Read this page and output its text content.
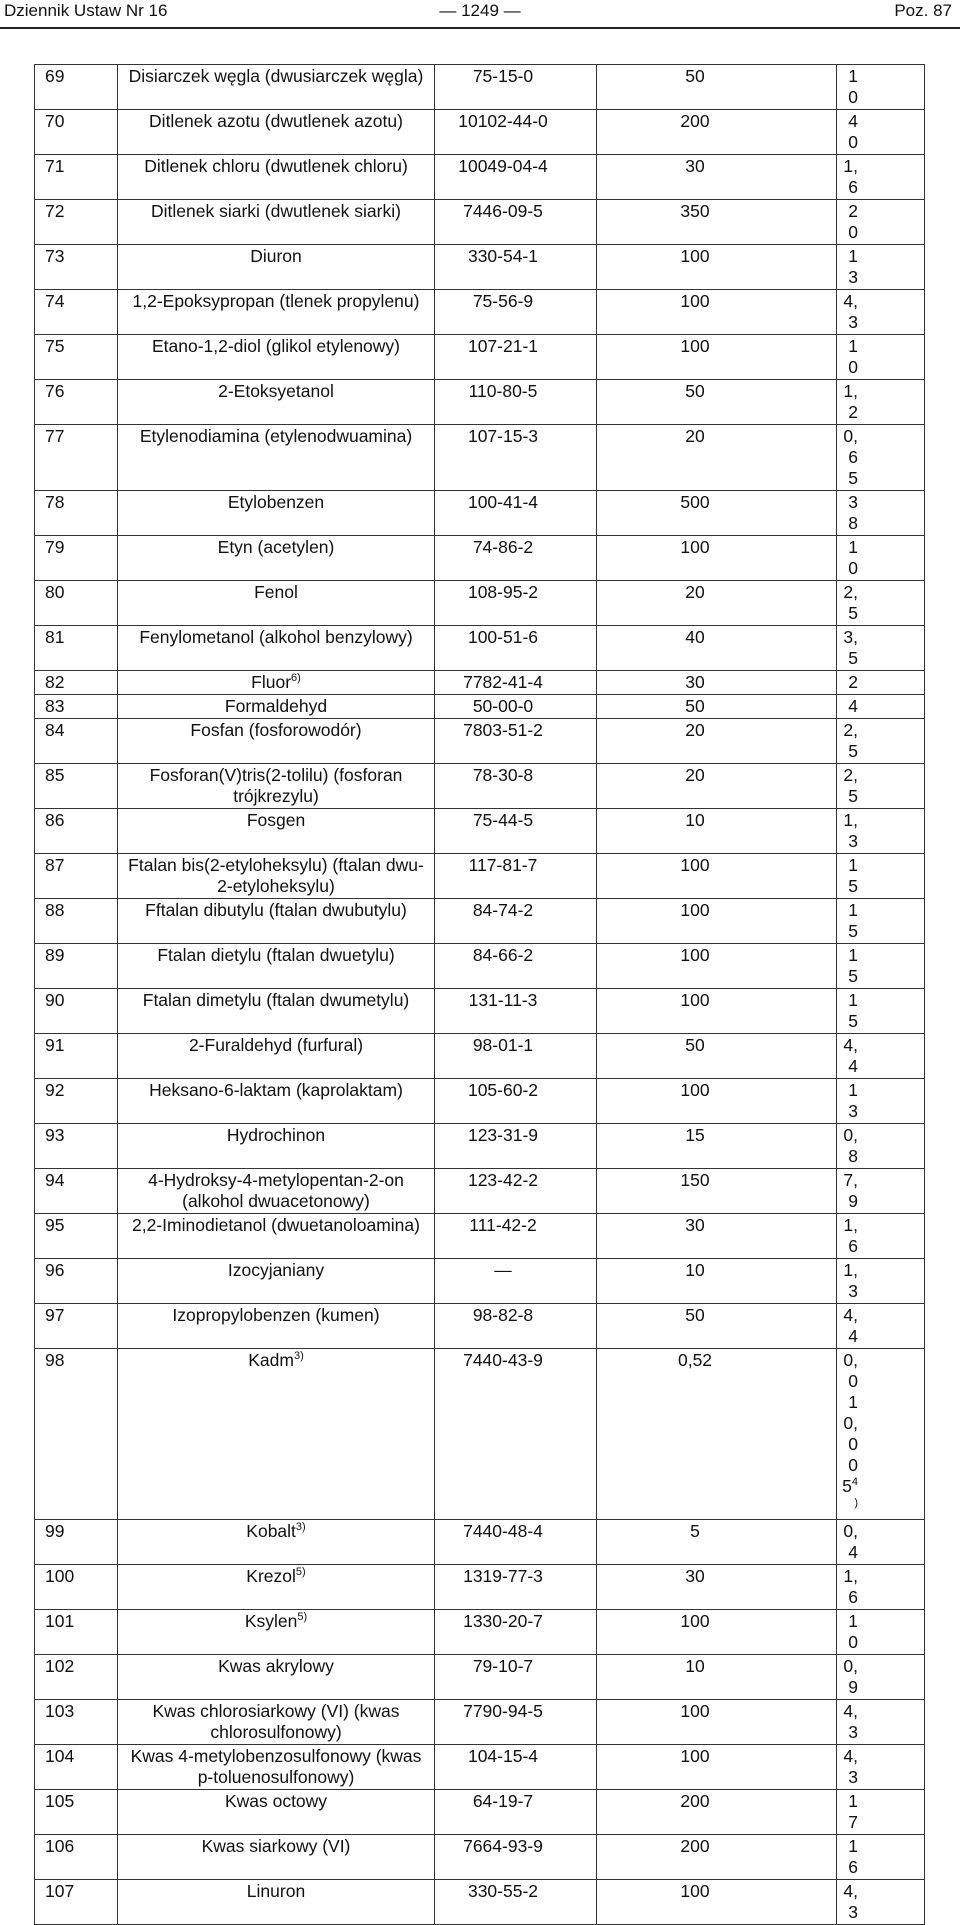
Dziennik Ustaw Nr 16	— 1249 —	Poz. 87
69	Disiarczek węgla (dwusiarczek węgla)	75-15-0	50	10
70	Ditlenek azotu (dwutlenek azotu)	10102-44-0	200	40
71	Ditlenek chloru (dwutlenek chloru)	10049-04-4	30	1,6
72	Ditlenek siarki (dwutlenek siarki)	7446-09-5	350	20
73	Diuron	330-54-1	100	13
74	1,2-Epoksypropan (tlenek propylenu)	75-56-9	100	4,3
75	Etano-1,2-diol (glikol etylenowy)	107-21-1	100	10
76	2-Etoksyetanol	110-80-5	50	1,2
77	Etylenodiamina (etylenodwuamina)	107-15-3	20	0,65
78	Etylobenzen	100-41-4	500	38
79	Etyn (acetylen)	74-86-2	100	10
80	Fenol	108-95-2	20	2,5
81	Fenylometanol (alkohol benzylowy)	100-51-6	40	3,5
82	Fluor$^{6)}$	7782-41-4	30	2
83	Formaldehyd	50-00-0	50	4
84	Fosfan (fosforowodór)	7803-51-2	20	2,5
85	Fosforan(V)tris(2-tolilu) (fosforan trójkrezylu)	78-30-8	20	2,5
86	Fosgen	75-44-5	10	1,3
87	Ftalan bis(2-etyloheksylu) (ftalan dwu-2-etyloheksylu)	117-81-7	100	15
88	Fftalan dibutylu (ftalan dwubutylu)	84-74-2	100	15
89	Ftalan dietylu (ftalan dwuetylu)	84-66-2	100	15
90	Ftalan dimetylu (ftalan dwumetylu)	131-11-3	100	15
91	2-Furaldehyd (furfural)	98-01-1	50	4,4
92	Heksano-6-laktam (kaprolaktam)	105-60-2	100	13
93	Hydrochinon	123-31-9	15	0,8
94	4-Hydroksy-4-metylopentan-2-on (alkohol dwuacetonowy)	123-42-2	150	7,9
95	2,2-Iminodietanol (dwuetanoloamina)	111-42-2	30	1,6
96	Izocyjaniany	—	10	1,3
97	Izopropylobenzen (kumen)	98-82-8	50	4,4
98	Kadm$^{3)}$	7440-43-9	0,52	0,01
0,005$^{4)}$

99	Kobalt$^{3)}$	7440-48-4	5	0,4
100	Krezol$^{5)}$	1319-77-3	30	1,6
101	Ksylen$^{5)}$	1330-20-7	100	10
102	Kwas akrylowy	79-10-7	10	0,9
103	Kwas chlorosiarkowy (VI) (kwas chlorosulfonowy)	7790-94-5	100	4,3
104	Kwas 4-metylobenzosulfonowy (kwas p-toluenosulfonowy)	104-15-4	100	4,3
105	Kwas octowy	64-19-7	200	17
106	Kwas siarkowy (VI)	7664-93-9	200	16
107	Linuron	330-55-2	100	4,3
